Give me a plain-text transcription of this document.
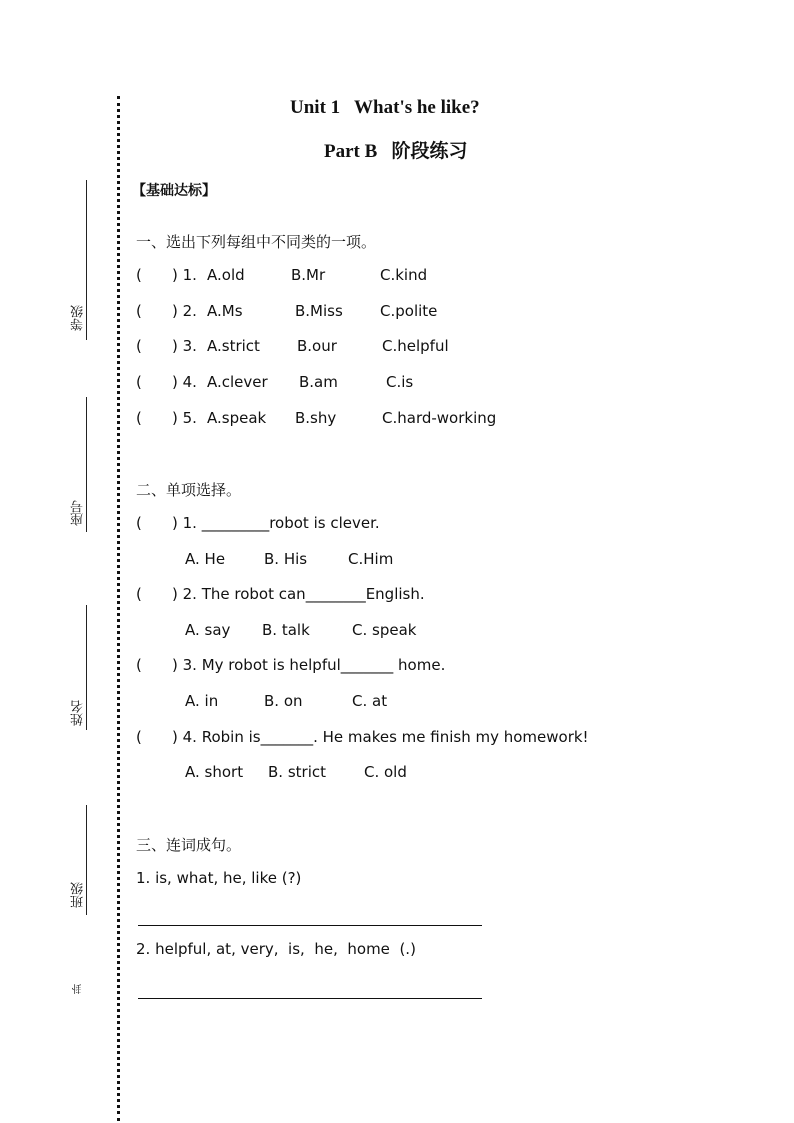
Unit 1   What's he like?
Part B   阶段练习
等级
座号
姓名
班级
卦
【基础达标】
一、选出下列每组中不同类的一项。
( ) 1. A.old	B.Mr	C.kind
( ) 2. A.Ms	B.Miss C.polite
( ) 3. A.strict B.our	C.helpful
( ) 4. A.clever B.am	C.is
( ) 5. A.speak B.shy	C.hard-working
二、单项选择。
( ) 1. _________robot is clever.
A. He	B. His	C.Him
( ) 2. The robot can________English.
A. say B. talk	C. speak
( ) 3. My robot is helpful_______ home.
A. in	B. on	C. at
( ) 4. Robin is_______. He makes me finish my homework!
A. short B. strict	C. old
三、连词成句。
1. is, what, he, like (?)
2. helpful, at, very,  is,  he,  home  (.)
